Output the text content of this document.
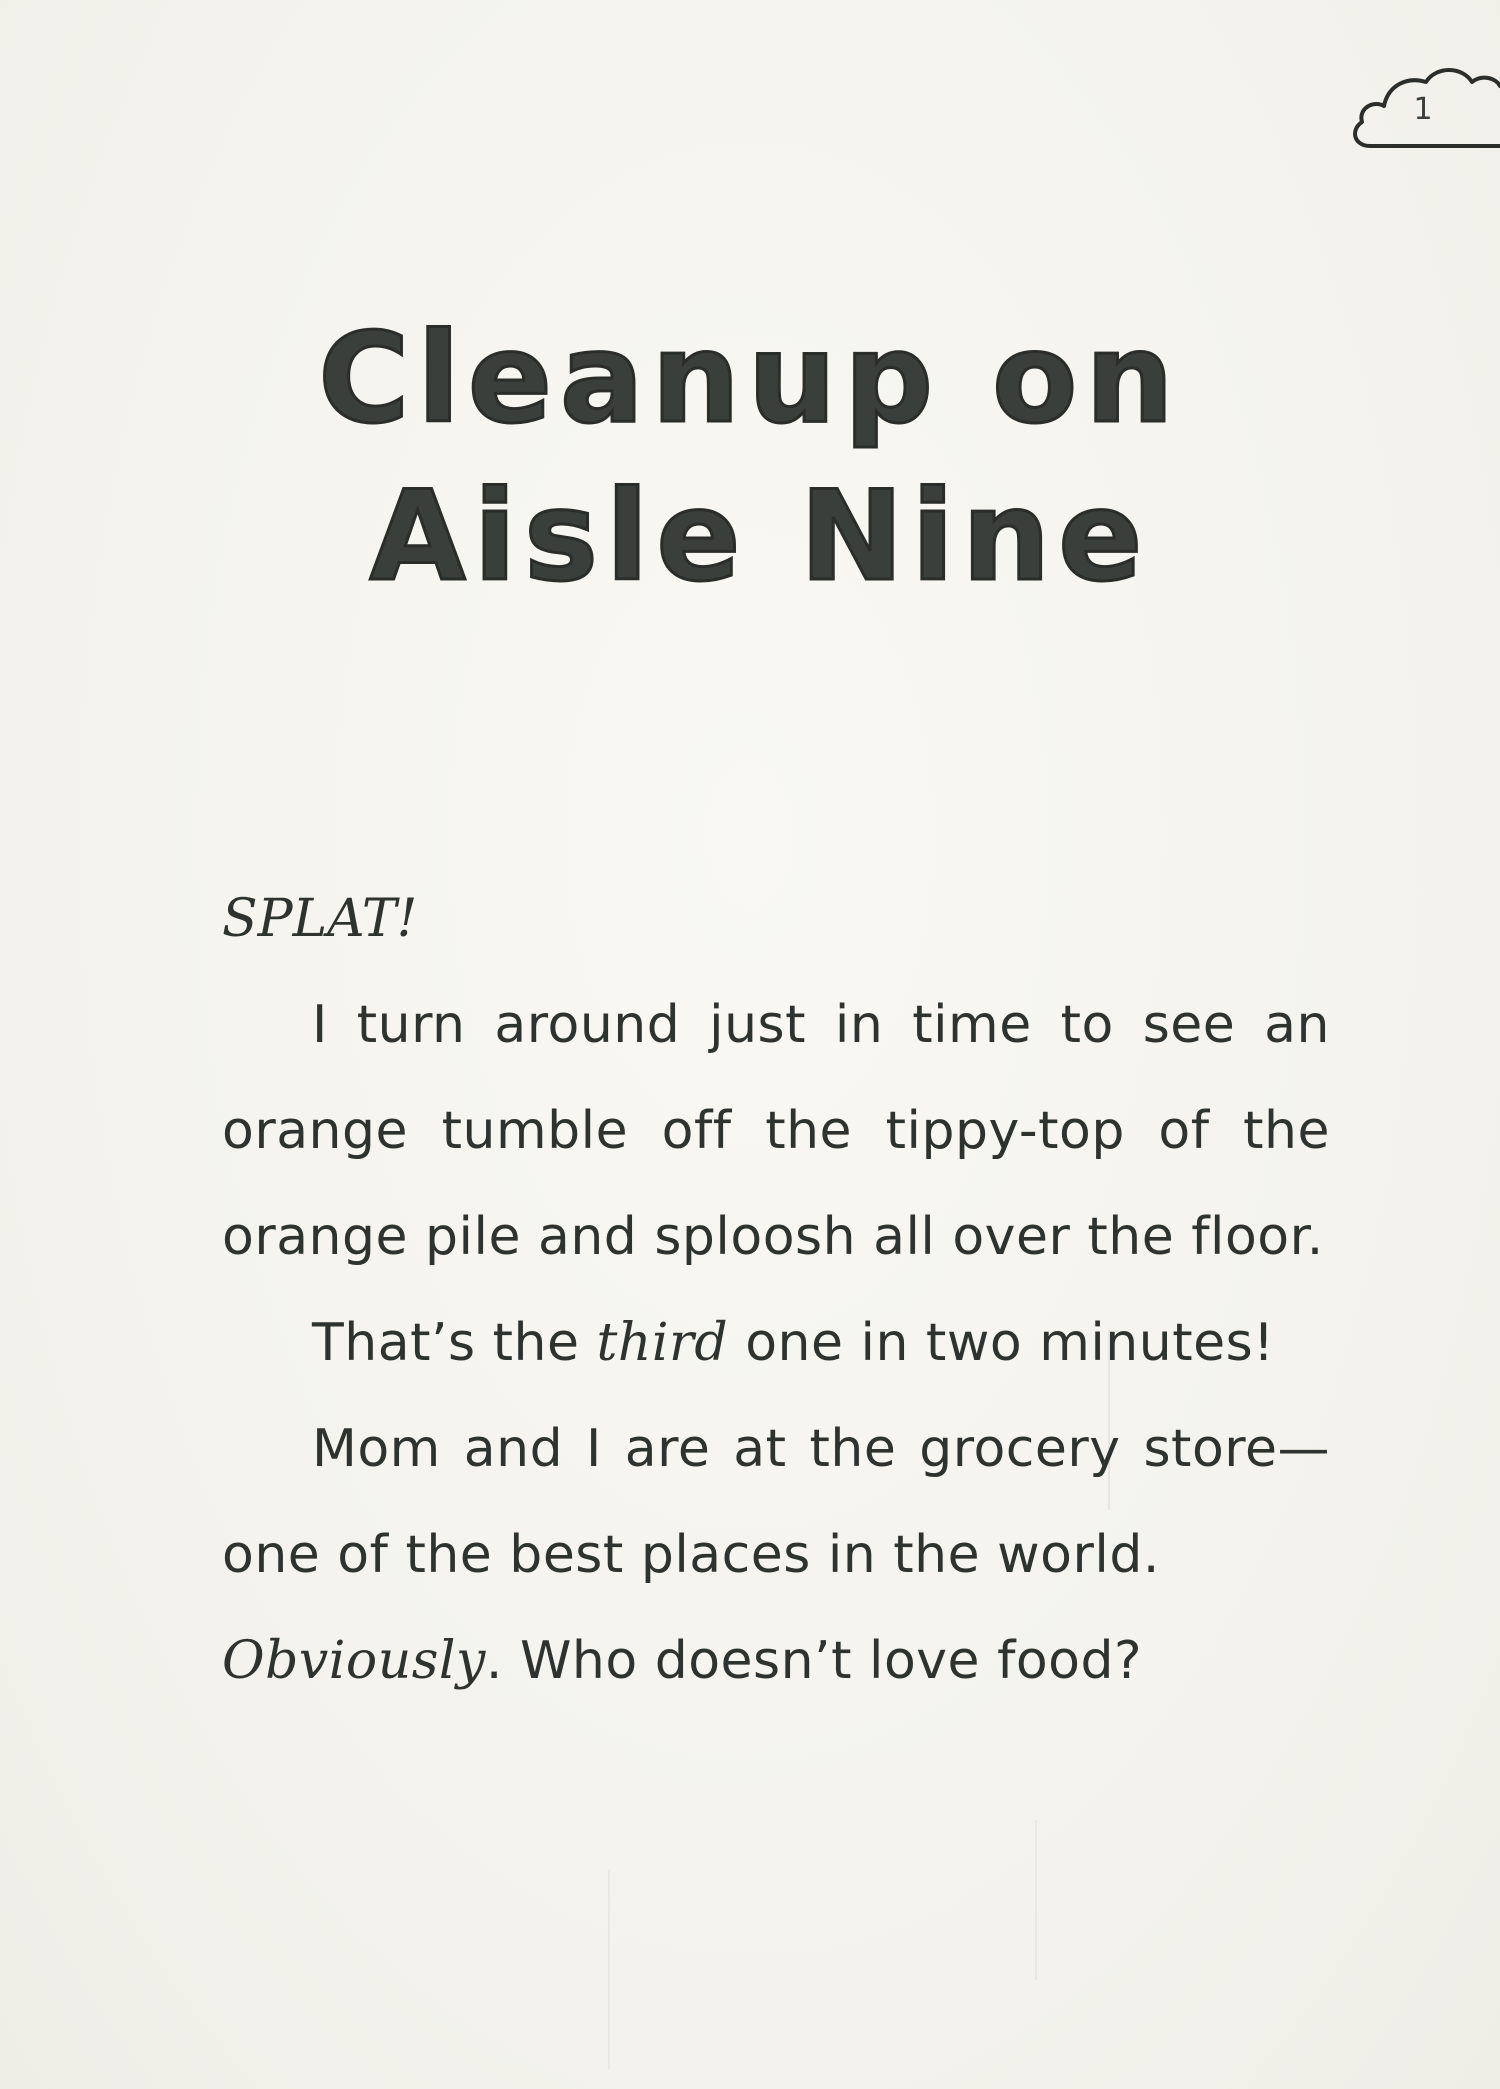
1
Cleanup on
Aisle Nine

SPLAT!

I turn around just in time to see an orange tumble off the tippy-top of the orange pile and sploosh all over the floor.

That’s the third one in two minutes!

Mom and I are at the grocery store—one of the best places in the world.

Obviously. Who doesn’t love food?
